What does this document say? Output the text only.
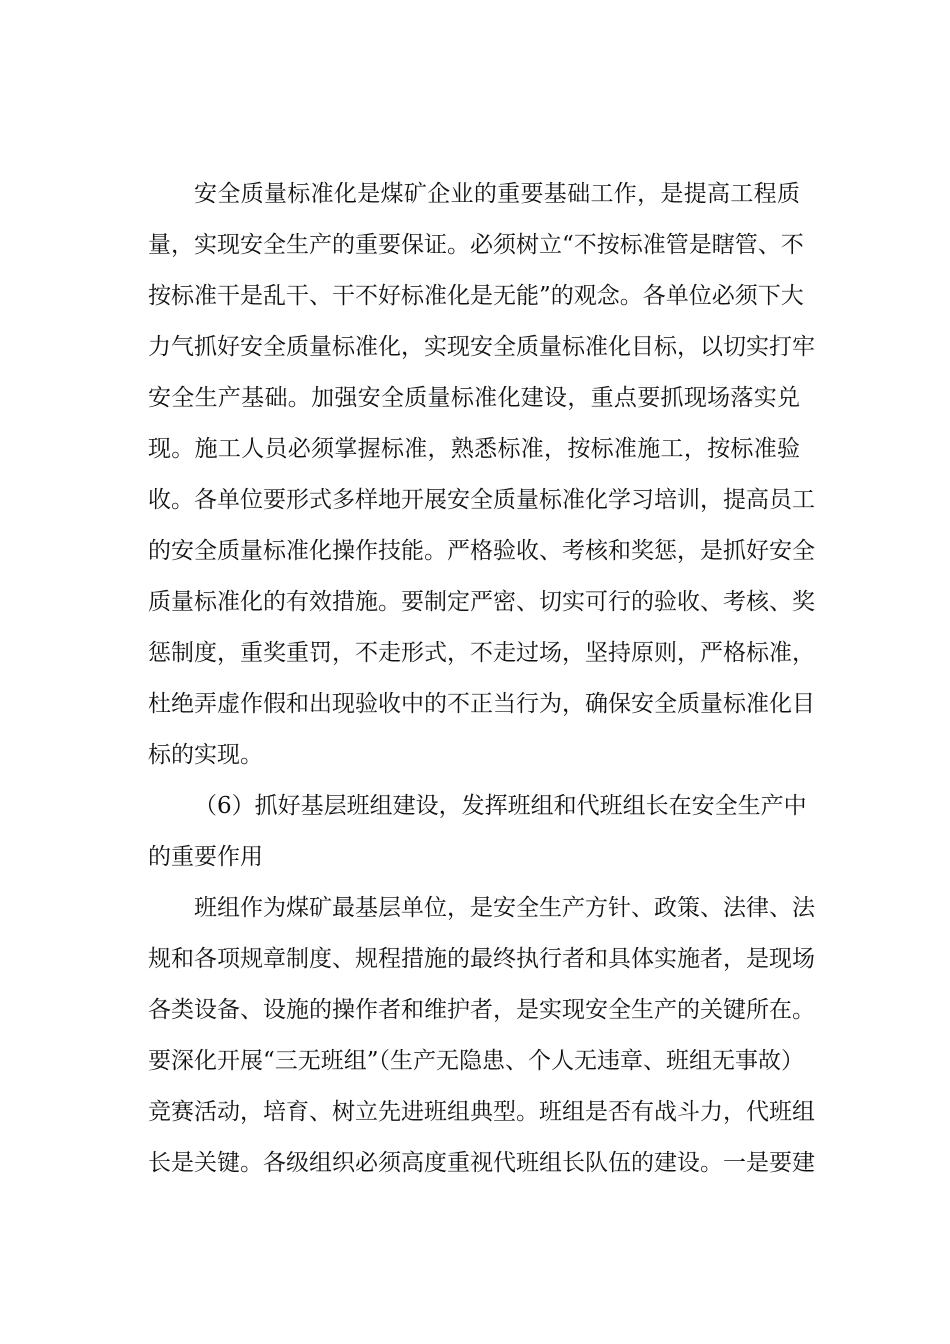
安全质量标准化是煤矿企业的重要基础工作，是提高工程质
量，实现安全生产的重要保证。必须树立“不按标准管是瞎管、不
按标准干是乱干、干不好标准化是无能”的观念。各单位必须下大
力气抓好安全质量标准化，实现安全质量标准化目标，以切实打牢
安全生产基础。加强安全质量标准化建设，重点要抓现场落实兑
现。施工人员必须掌握标准，熟悉标准，按标准施工，按标准验
收。各单位要形式多样地开展安全质量标准化学习培训，提高员工
的安全质量标准化操作技能。严格验收、考核和奖惩，是抓好安全
质量标准化的有效措施。要制定严密、切实可行的验收、考核、奖
惩制度，重奖重罚，不走形式，不走过场，坚持原则，严格标准，
杜绝弄虚作假和出现验收中的不正当行为，确保安全质量标准化目
标的实现。
（6）抓好基层班组建设，发挥班组和代班组长在安全生产中
的重要作用
班组作为煤矿最基层单位，是安全生产方针、政策、法律、法
规和各项规章制度、规程措施的最终执行者和具体实施者，是现场
各类设备、设施的操作者和维护者，是实现安全生产的关键所在。
要深化开展“三无班组”（生产无隐患、个人无违章、班组无事故）
竞赛活动，培育、树立先进班组典型。班组是否有战斗力，代班组
长是关键。各级组织必须高度重视代班组长队伍的建设。一是要建
